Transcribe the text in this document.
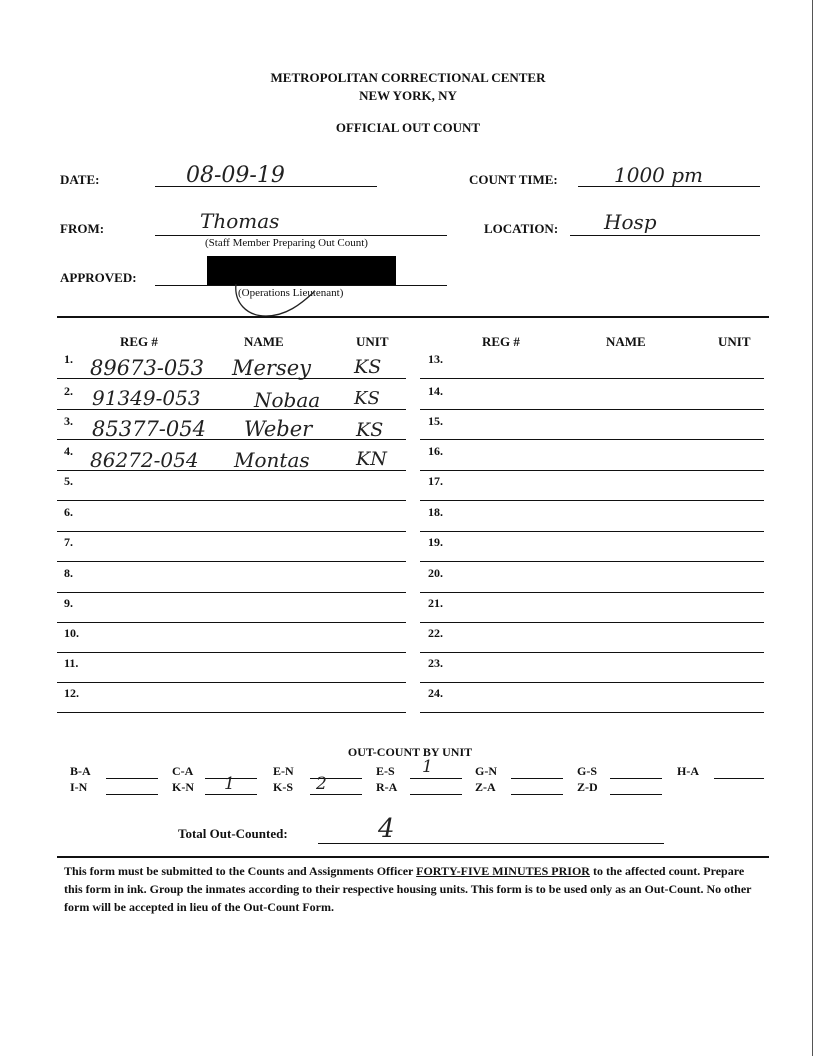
METROPOLITAN CORRECTIONAL CENTER
NEW YORK, NY
OFFICIAL OUT COUNT
DATE:	08-09-19	COUNT TIME:	1000 pm
FROM:	Thomas
(Staff Member Preparing Out Count)
LOCATION: Hosp
APPROVED:
(Operations Lieutenant)
REG #	NAME	UNIT	REG #	NAME	UNIT
1. 89673-053 Mersey KS
2. 91349-053	Nobaa KS
3. 85377-054 Weber KS
4. 86272-054 Montas KN
5.
6.
7.
8.
9.
10.
11.
12.
13.
14.
15.
16.
17.
18.
19.
20.
21.
22.
23.
24.
OUT-COUNT BY UNIT
B-A	C-A	E-N	E-S 1	G-N	G-S	H-A
I-N	K-N 1	K-S 2	R-A	Z-A	Z-D
Total Out-Counted:	4
This form must be submitted to the Counts and Assignments Officer FORTY-FIVE MINUTES PRIOR to the affected count. Prepare this form in ink. Group the inmates according to their respective housing units. This form is to be used only as an Out-Count. No other form will be accepted in lieu of the Out-Count Form.
